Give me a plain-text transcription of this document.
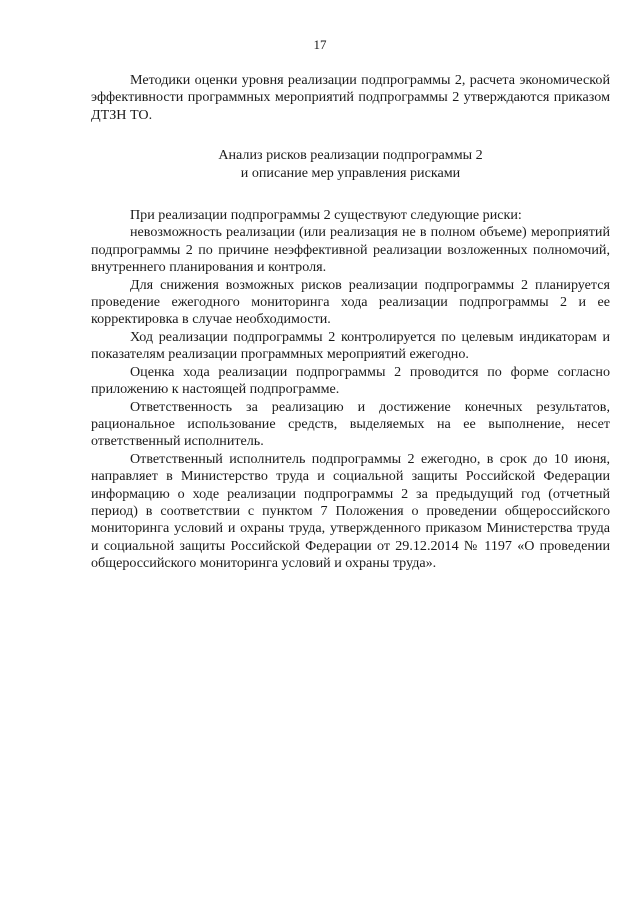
17

Методики оценки уровня реализации подпрограммы 2, расчета экономической эффективности программных мероприятий подпрограммы 2 утверждаются приказом ДТЗН ТО.

Анализ рисков реализации подпрограммы 2
и описание мер управления рисками

При реализации подпрограммы 2 существуют следующие риски:

невозможность реализации (или реализация не в полном объеме) мероприятий подпрограммы 2 по причине неэффективной реализации возложенных полномочий, внутреннего планирования и контроля.

Для снижения возможных рисков реализации подпрограммы 2 планируется проведение ежегодного мониторинга хода реализации подпрограммы 2 и ее корректировка в случае необходимости.

Ход реализации подпрограммы 2 контролируется по целевым индикаторам и показателям реализации программных мероприятий ежегодно.

Оценка хода реализации подпрограммы 2 проводится по форме согласно приложению к настоящей подпрограмме.

Ответственность за реализацию и достижение конечных результатов, рациональное использование средств, выделяемых на ее выполнение, несет ответственный исполнитель.

Ответственный исполнитель подпрограммы 2 ежегодно, в срок до 10 июня, направляет в Министерство труда и социальной защиты Российской Федерации информацию о ходе реализации подпрограммы 2 за предыдущий год (отчетный период) в соответствии с пунктом 7 Положения о проведении общероссийского мониторинга условий и охраны труда, утвержденного приказом Министерства труда и социальной защиты Российской Федерации от 29.12.2014 № 1197 «О проведении общероссийского мониторинга условий и охраны труда».
